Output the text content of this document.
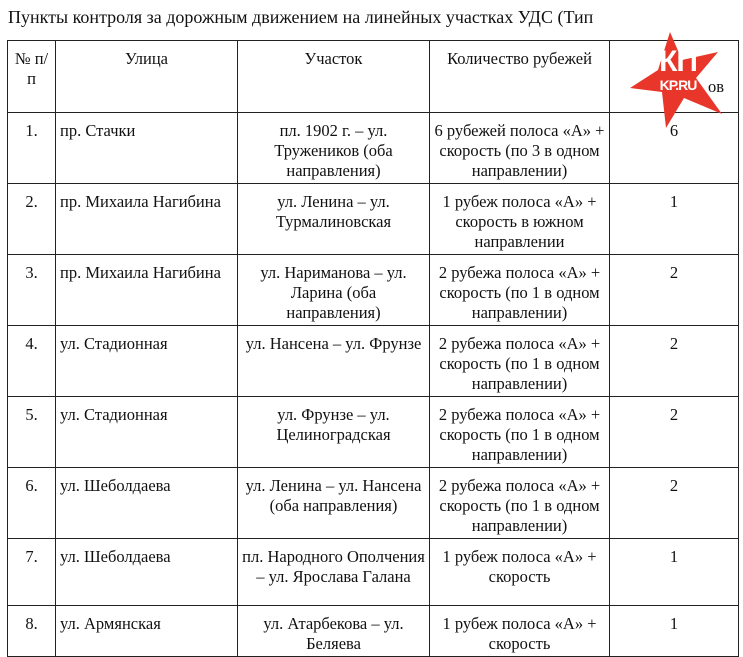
Пункты контроля за дорожным движением на линейных участках УДС (Тип
№ п/п	Улица	Участок	Количество рубежей	ов
1.	пр. Стачки	пл. 1902 г. – ул. Тружеников (оба направления)	6 рубежей полоса «А» + скорость (по 3 в одном направлении)	6
2.	пр. Михаила Нагибина	ул. Ленина – ул. Турмалиновская	1 рубеж полоса «А» + скорость в южном направлении	1
3.	пр. Михаила Нагибина	ул. Нариманова – ул. Ларина (оба направления)	2 рубежа полоса «А» + скорость (по 1 в одном направлении)	2
4.	ул. Стадионная	ул. Нансена – ул. Фрунзе	2 рубежа полоса «А» + скорость (по 1 в одном направлении)	2
5.	ул. Стадионная	ул. Фрунзе – ул. Целиноградская	2 рубежа полоса «А» + скорость (по 1 в одном направлении)	2
6.	ул. Шеболдаева	ул. Ленина – ул. Нансена (оба направления)	2 рубежа полоса «А» + скорость (по 1 в одном направлении)	2
7.	ул. Шеболдаева	пл. Народного Ополчения – ул. Ярослава Галана	1 рубеж полоса «А» + скорость	1
8.	ул. Армянская	ул. Атарбекова – ул. Беляева	1 рубеж полоса «А» + скорость	1
КП
KP.RU
